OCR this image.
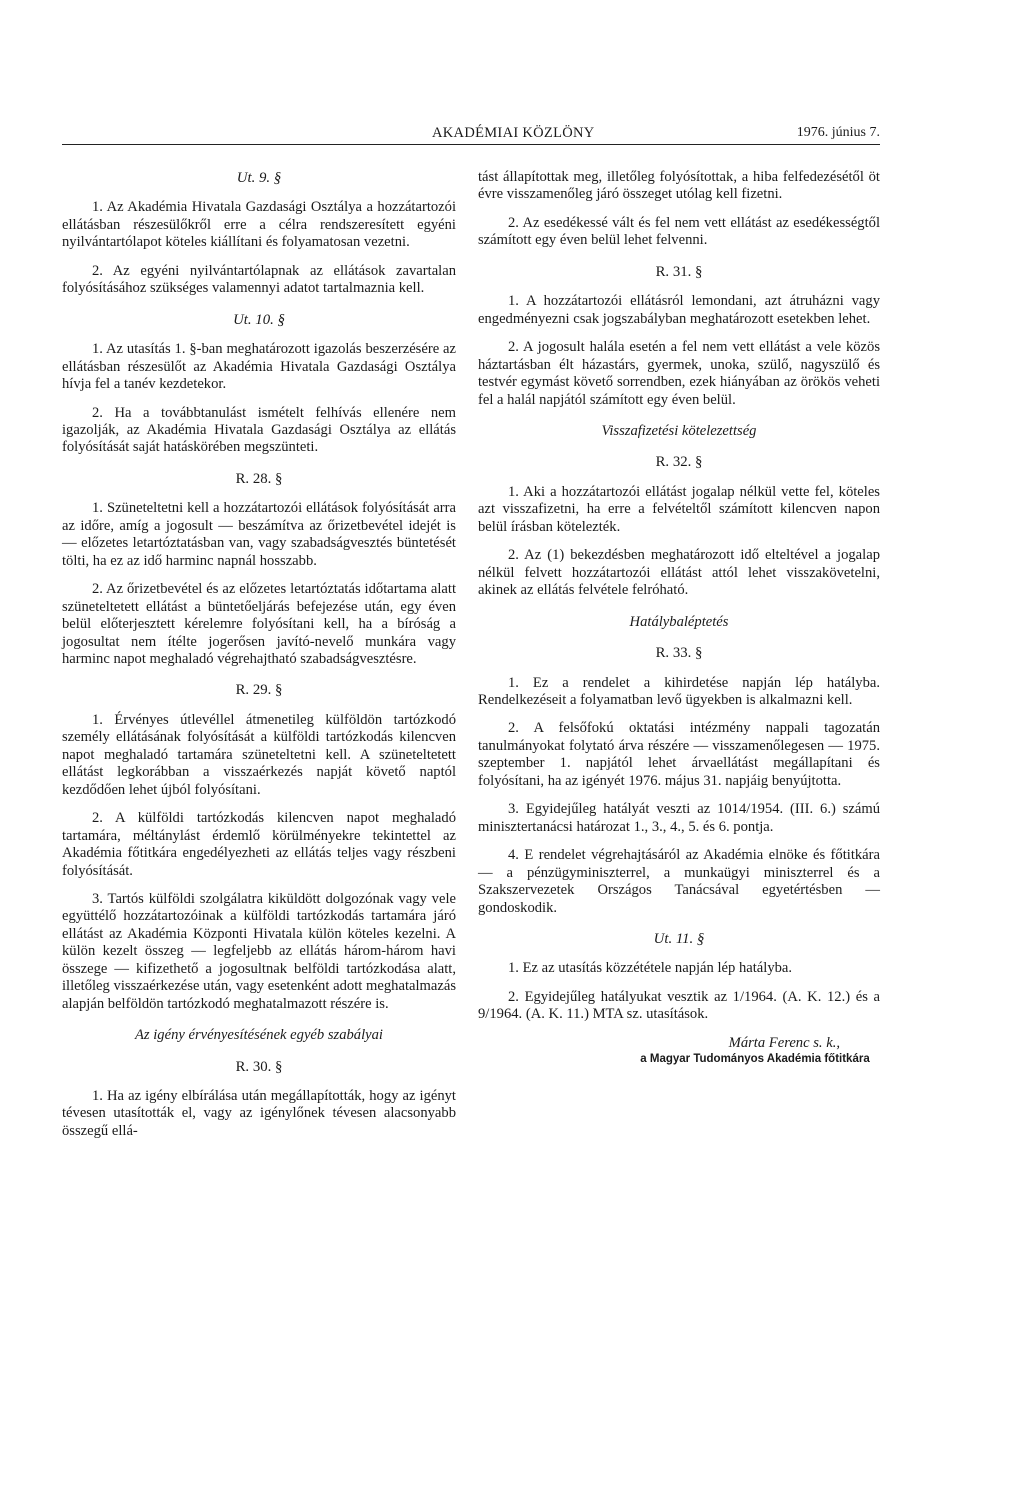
AKADÉMIAI KÖZLÖNY	1976. június 7.
Ut. 9. §

1. Az Akadémia Hivatala Gazdasági Osztálya a hozzátartozói ellátásban részesülőkről erre a célra rendszeresített egyéni nyilvántartólapot köteles kiállítani és folyamatosan vezetni.

2. Az egyéni nyilvántartólapnak az ellátások zavartalan folyósításához szükséges valamennyi adatot tartalmaznia kell.

Ut. 10. §

1. Az utasítás 1. §-ban meghatározott igazolás beszerzésére az ellátásban részesülőt az Akadémia Hivatala Gazdasági Osztálya hívja fel a tanév kezdetekor.

2. Ha a továbbtanulást ismételt felhívás ellenére nem igazolják, az Akadémia Hivatala Gazdasági Osztálya az ellátás folyósítását saját hatáskörében megszünteti.

R. 28. §

1. Szüneteltetni kell a hozzátartozói ellátások folyósítását arra az időre, amíg a jogosult — beszámítva az őrizetbevétel idejét is — előzetes letartóztatásban van, vagy szabadságvesztés büntetését tölti, ha ez az idő harminc napnál hosszabb.

2. Az őrizetbevétel és az előzetes letartóztatás időtartama alatt szüneteltetett ellátást a büntetőeljárás befejezése után, egy éven belül előterjesztett kérelemre folyósítani kell, ha a bíróság a jogosultat nem ítélte jogerősen javító-nevelő munkára vagy harminc napot meghaladó végrehajtható szabadságvesztésre.

R. 29. §

1. Érvényes útlevéllel átmenetileg külföldön tartózkodó személy ellátásának folyósítását a külföldi tartózkodás kilencven napot meghaladó tartamára szüneteltetni kell. A szüneteltetett ellátást legkorábban a visszaérkezés napját követő naptól kezdődően lehet újból folyósítani.

2. A külföldi tartózkodás kilencven napot meghaladó tartamára, méltánylást érdemlő körülményekre tekintettel az Akadémia főtitkára engedélyezheti az ellátás teljes vagy részbeni folyósítását.

3. Tartós külföldi szolgálatra kiküldött dolgozónak vagy vele együttélő hozzátartozóinak a külföldi tartózkodás tartamára járó ellátást az Akadémia Központi Hivatala külön köteles kezelni. A külön kezelt összeg — legfeljebb az ellátás három-három havi összege — kifizethető a jogosultnak belföldi tartózkodása alatt, illetőleg visszaérkezése után, vagy esetenként adott meghatalmazás alapján belföldön tartózkodó meghatalmazott részére is.

Az igény érvényesítésének egyéb szabályai
R. 30. §

1. Ha az igény elbírálása után megállapították, hogy az igényt tévesen utasították el, vagy az igénylőnek tévesen alacsonyabb összegű ellá-

tást állapítottak meg, illetőleg folyósítottak, a hiba felfedezésétől öt évre visszamenőleg járó összeget utólag kell fizetni.

2. Az esedékessé vált és fel nem vett ellátást az esedékességtől számított egy éven belül lehet felvenni.

R. 31. §

1. A hozzátartozói ellátásról lemondani, azt átruházni vagy engedményezni csak jogszabályban meghatározott esetekben lehet.

2. A jogosult halála esetén a fel nem vett ellátást a vele közös háztartásban élt házastárs, gyermek, unoka, szülő, nagyszülő és testvér egymást követő sorrendben, ezek hiányában az örökös veheti fel a halál napjától számított egy éven belül.

Visszafizetési kötelezettség
R. 32. §

1. Aki a hozzátartozói ellátást jogalap nélkül vette fel, köteles azt visszafizetni, ha erre a felvételtől számított kilencven napon belül írásban kötelezték.

2. Az (1) bekezdésben meghatározott idő elteltével a jogalap nélkül felvett hozzátartozói ellátást attól lehet visszakövetelni, akinek az ellátás felvétele felróható.

Hatálybaléptetés
R. 33. §

1. Ez a rendelet a kihirdetése napján lép hatályba. Rendelkezéseit a folyamatban levő ügyekben is alkalmazni kell.

2. A felsőfokú oktatási intézmény nappali tagozatán tanulmányokat folytató árva részére — visszamenőlegesen — 1975. szeptember 1. napjától lehet árvaellátást megállapítani és folyósítani, ha az igényét 1976. május 31. napjáig benyújtotta.

3. Egyidejűleg hatályát veszti az 1014/1954. (III. 6.) számú minisztertanácsi határozat 1., 3., 4., 5. és 6. pontja.

4. E rendelet végrehajtásáról az Akadémia elnöke és főtitkára — a pénzügyminiszterrel, a munkaügyi miniszterrel és a Szakszervezetek Országos Tanácsával egyetértésben — gondoskodik.

Ut. 11. §

1. Ez az utasítás közzététele napján lép hatályba.

2. Egyidejűleg hatályukat vesztik az 1/1964. (A. K. 12.) és a 9/1964. (A. K. 11.) MTA sz. utasítások.

Márta Ferenc s. k.,
a Magyar Tudományos Akadémia főtitkára
